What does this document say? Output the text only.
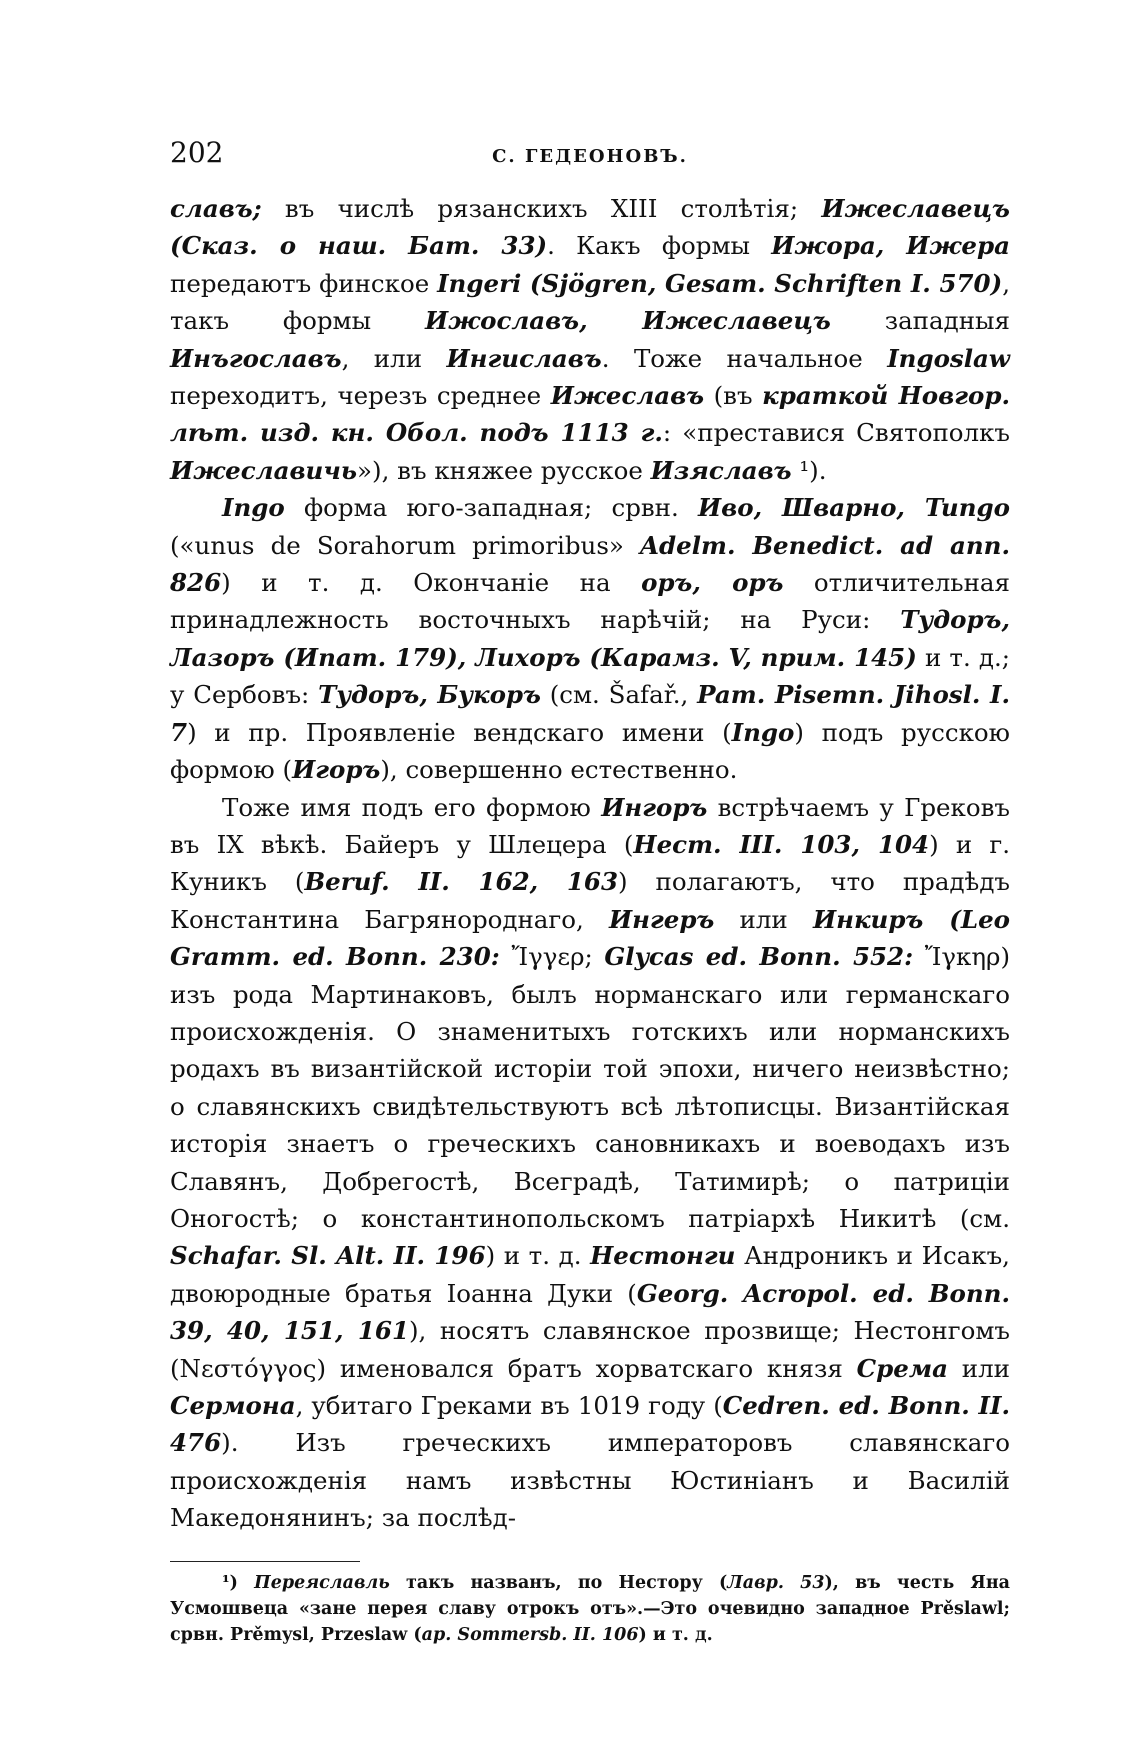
202	С. ГЕДЕОНОВЪ.

славъ; въ числѣ рязанскихъ XIII столѣтія; Ижеславецъ (Сказ. о наш. Бат. 33). Какъ формы Ижора, Ижера передаютъ финское Ingeri (Sjögren, Gesam. Schriften I. 570), такъ формы Ижославъ, Ижеславецъ западныя Инъгославъ, или Ингиславъ. Тоже начальное Ingoslaw переходитъ, черезъ среднее Ижеславъ (въ краткой Новгор. лѣт. изд. кн. Обол. подъ 1113 г.: «преставися Святополкъ Ижеславичь»), въ княжее русское Изяславъ ¹).

Ingo форма юго-западная; срвн. Иво, Шварно, Tungo («unus de Sorahorum primoribus» Adelm. Benedict. ad ann. 826) и т. д. Окончаніе на оръ, оръ отличительная принадлежность восточныхъ нарѣчій; на Руси: Тудоръ, Лазоръ (Ипат. 179), Лихоръ (Карамз. V, прим. 145) и т. д.; у Сербовъ: Тудоръ, Букоръ (см. Šafař., Pam. Pisemn. Jihosl. I. 7) и пр. Проявленіе вендскаго имени (Ingo) подъ русскою формою (Игоръ), совершенно естественно.

Тоже имя подъ его формою Ингоръ встрѣчаемъ у Грековъ въ IX вѣкѣ. Байеръ у Шлецера (Нест. III. 103, 104) и г. Куникъ (Beruf. II. 162, 163) полагаютъ, что прадѣдъ Константина Багрянороднаго, Ингеръ или Инкиръ (Leo Gramm. ed. Bonn. 230: Ἴγγερ; Glycas ed. Bonn. 552: Ἴγκηρ) изъ рода Мартинаковъ, былъ норманскаго или германскаго происхожденія. О знаменитыхъ готскихъ или норманскихъ родахъ въ византійской исторіи той эпохи, ничего неизвѣстно; о славянскихъ свидѣтельствуютъ всѣ лѣтописцы. Византійская исторія знаетъ о греческихъ сановникахъ и воеводахъ изъ Славянъ, Добрегостѣ, Всеградѣ, Татимирѣ; о патриціи Оногостѣ; о константинопольскомъ патріархѣ Никитѣ (см. Schafar. Sl. Alt. II. 196) и т. д. Нестонги Андроникъ и Исакъ, двоюродные братья Іоанна Дуки (Georg. Acropol. ed. Bonn. 39, 40, 151, 161), носятъ славянское прозвище; Нестонгомъ (Νεστόγγος) именовался братъ хорватскаго князя Срема или Сермона, убитаго Греками въ 1019 году (Cedren. ed. Bonn. II. 476). Изъ греческихъ императоровъ славянскаго происхожденія намъ извѣстны Юстиніанъ и Василій Македонянинъ; за послѣд-

¹) Переяславль такъ названъ, по Нестору (Лавр. 53), въ честь Яна Усмошвеца «зане перея славу отрокъ отъ».—Это очевидно западное Prěslawl; срвн. Prěmysl, Przeslaw (ap. Sommersb. II. 106) и т. д.
